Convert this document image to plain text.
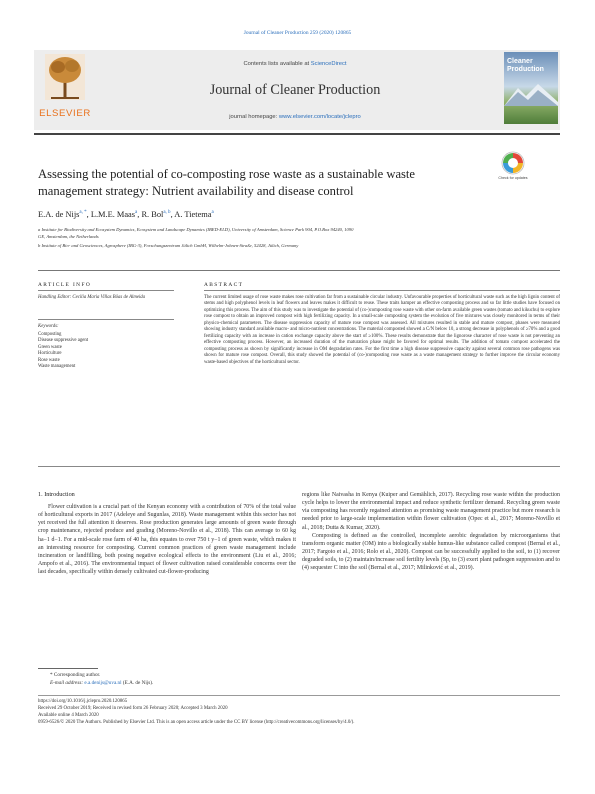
Journal of Cleaner Production 259 (2020) 120865
ELSEVIER
Contents lists available at ScienceDirect
Journal of Cleaner Production
journal homepage: www.elsevier.com/locate/jclepro
Cleaner Production
Assessing the potential of co-composting rose waste as a sustainable waste
management strategy: Nutrient availability and disease control
Check for updates
E.A. de Nijs$^{a, *}$, L.M.E. Maas$^a$, R. Bol$^{a, b}$, A. Tietema$^a$
a Institute for Biodiversity and Ecosystem Dynamics, Ecosystem and Landscape Dynamics (IBED-ELD), University of Amsterdam, Science Park 904, P.O.Box 94240, 1090
GE, Amsterdam, the Netherlands
b Institute of Bio- and Geosciences, Agrosphere (IBG-3), Forschungszentrum Jülich GmbH, Wilhelm-Johnen-Straße, 52428, Jülich, Germany
ARTICLE INFO	ABSTRACT
Handling Editor: Cecilia Maria Villas Bôas de Almeida
Keywords:
Composting
Disease suppressive agent
Green waste
Horticulture
Rose waste
Waste management
The current limited usage of rose waste makes rose cultivation far from a sustainable circular industry. Unfavourable properties of horticultural waste such as the high lignin content of stems and high polyphenol levels in leaf flowers and leaves makes it difficult to reuse. These traits hamper an effective composting process and so far little studies have focused on optimizing this process. The aim of this study was to investigate the potential of (co-)composting rose waste with other on-farm available green wastes (tomato and kikuchu) to explore rose compost to obtain an improved compost with high fertilizing capacity. In a small-scale composting system the evolution of five mixtures was closely monitored in terms of their physico-chemical parameters. The disease suppression capacity of mature rose compost was assessed. All mixtures resulted in stable and mature compost, phases were measured showing industry standard available macro- and micro-nutrient concentrations. The material composted showed a C/N below 10, a strong decrease in polyphenols of ≥70% and a good fertilizing capacity with an increase in cation exchange capacity above the start of ≥100%. These results demonstrate that the lignorose character of rose waste is not preventing an effective composting process. However, an increased duration of the maturation phase might be favored for optimal results. The addition of tomato compost accelerated the composting process as shown by significantly increase in OM degradation rates. For the first time a high disease suppressive capacity against several common rose pathogens was shown for mature rose compost. Overall, this study showed the potential of (co-)composting rose waste as a waste management strategy to further improve the circular economy waste-based objectives of the horticultural sector.
1. Introduction

Flower cultivation is a crucial part of the Kenyan economy with a contribution of 70% of the total value of horticultural exports in 2017 (Adeleye and Sugunlas, 2018). Waste management within this sector has not yet received the full attention it deserves. Rose production generates large amounts of green waste through crop maintenance, rejected produce and grading (Moreno-Novillo et al., 2018). This can average to 60 kg ha−1 d−1. For a mid-scale rose farm of 40 ha, this equates to over 750 t y−1 of green waste, which makes it an interesting resource for composting. Current common practices of green waste management include incineration or landfilling, both posing negative ecological effects to the environment (Liu et al., 2016; Ampofo et al., 2016). The environmental impact of flower cultivation raised considerable concerns over the last decades, specifically within densely cultivated cut-flower-producing

regions like Naivasha in Kenya (Kuiper and Gemählich, 2017). Recycling rose waste within the production cycle helps to lower the environmental impact and reduce synthetic fertilizer demand. Recycling green waste via composting has recently regained attention as promising waste management practice but more research is needed prior to large-scale implementation within flower cultivation (Opec et al., 2017; Moreno-Novillo et al., 2018; Dutta & Kumar, 2020).

Composting is defined as the controlled, incomplete aerobic degradation by microorganisms that transform organic matter (OM) into a biologically stable humus-like substance called compost (Bernal et al., 2017; Fargoio et al., 2016; Rolo et al., 2020). Compost can be successfully applied to the soil, to (1) recover degraded soils, to (2) maintain/increase soil fertility levels (Sp, to (3) exert plant pathogen suppression and to (4) sequester C into the soil (Bernal et al., 2017; Milinković et al., 2019).

* Corresponding author.
E-mail address: e.a.denijs@uva.nl (E.A. de Nijs).
https://doi.org/10.1016/j.jclepro.2020.120865
Received 29 October 2019; Received in revised form 26 February 2020; Accepted 3 March 2020
Available online 4 March 2020
0959-6526/© 2020 The Authors. Published by Elsevier Ltd. This is an open access article under the CC BY license (http://creativecommons.org/licenses/by/4.0/).
